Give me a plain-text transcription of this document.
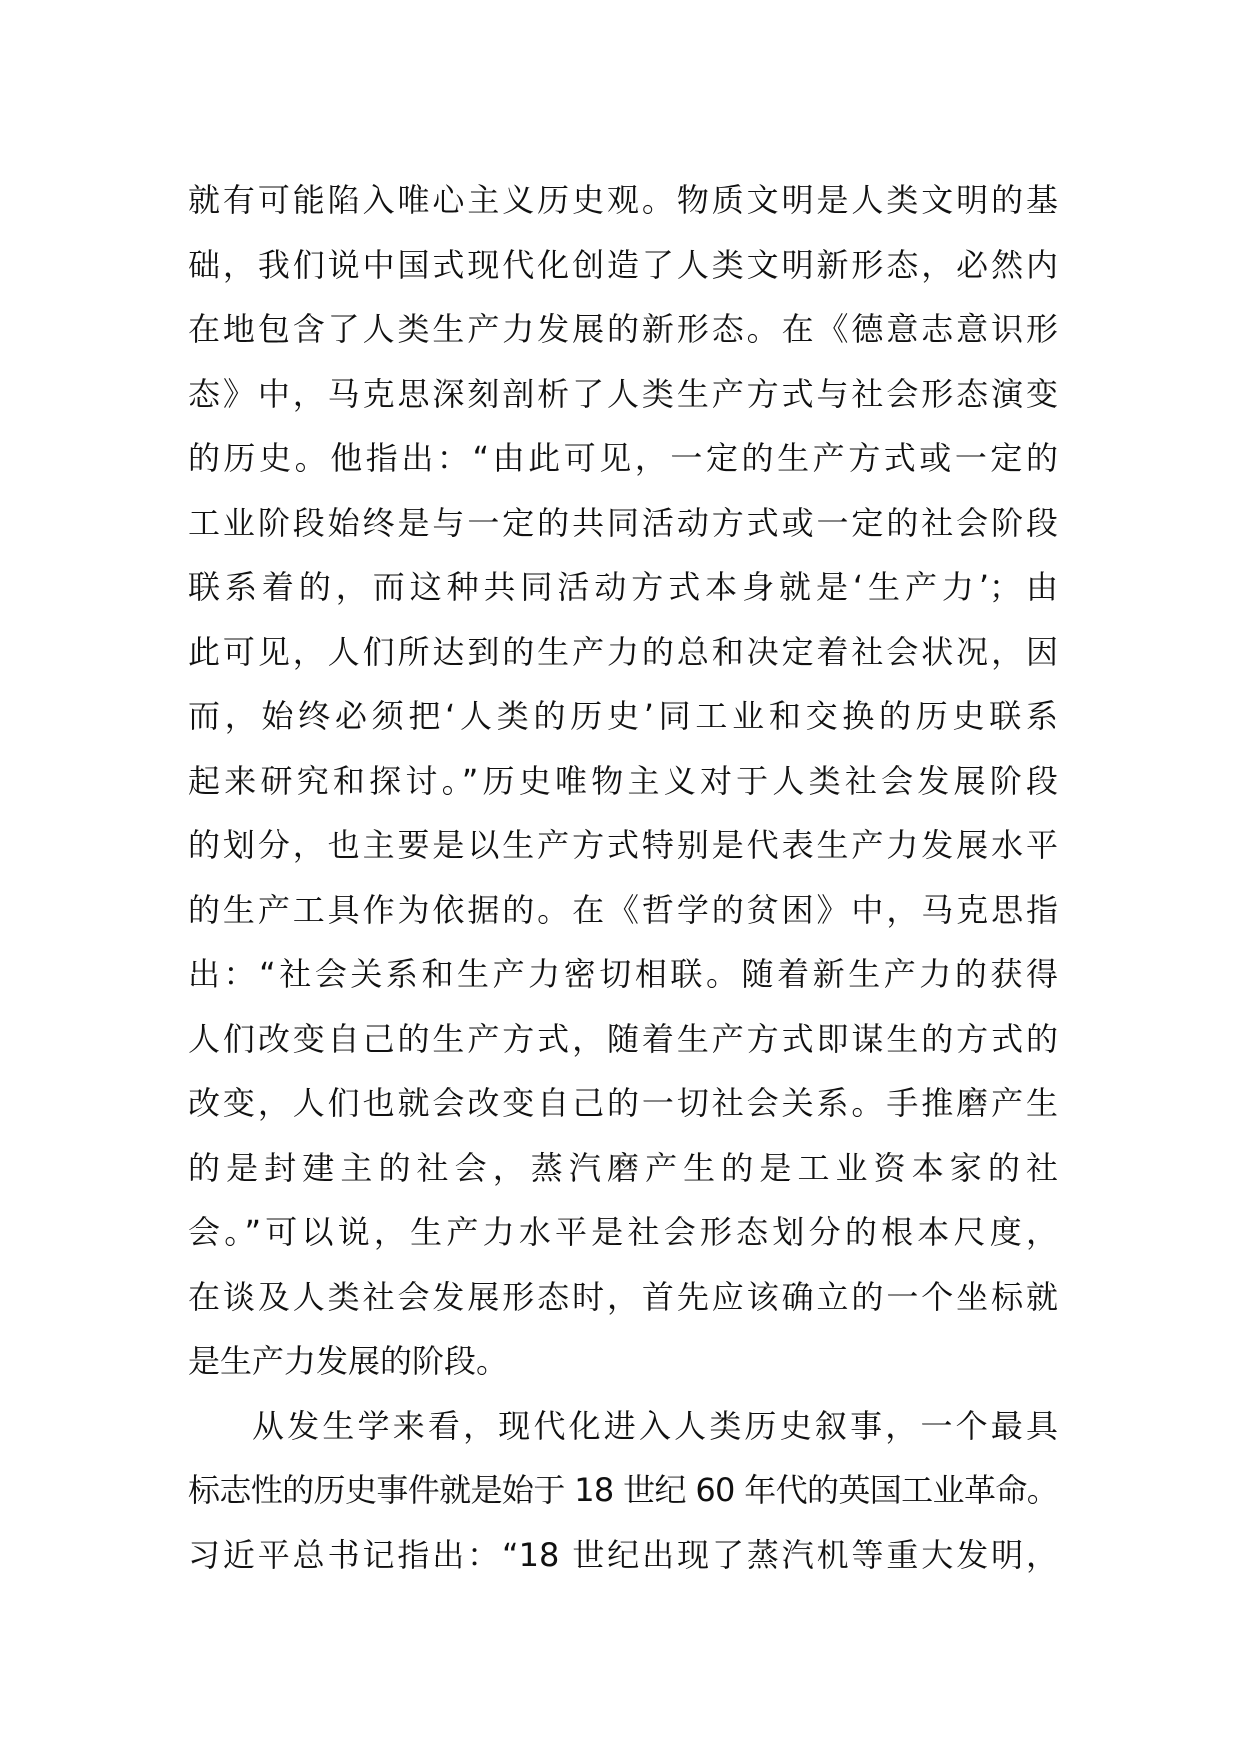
就有可能陷入唯心主义历史观。物质文明是人类文明的基
础，我们说中国式现代化创造了人类文明新形态，必然内
在地包含了人类生产力发展的新形态。在《德意志意识形
态》中，马克思深刻剖析了人类生产方式与社会形态演变
的历史。他指出：“由此可见，一定的生产方式或一定的
工业阶段始终是与一定的共同活动方式或一定的社会阶段
联系着的，而这种共同活动方式本身就是‘生产力’；由
此可见，人们所达到的生产力的总和决定着社会状况，因
而，始终必须把‘人类的历史’同工业和交换的历史联系
起来研究和探讨。”历史唯物主义对于人类社会发展阶段
的划分，也主要是以生产方式特别是代表生产力发展水平
的生产工具作为依据的。在《哲学的贫困》中，马克思指
出：“社会关系和生产力密切相联。随着新生产力的获得
人们改变自己的生产方式，随着生产方式即谋生的方式的
改变，人们也就会改变自己的一切社会关系。手推磨产生
的是封建主的社会，蒸汽磨产生的是工业资本家的社
会。”可以说，生产力水平是社会形态划分的根本尺度，
在谈及人类社会发展形态时，首先应该确立的一个坐标就
是生产力发展的阶段。
从发生学来看，现代化进入人类历史叙事，一个最具
标志性的历史事件就是始于 18 世纪 60 年代的英国工业革命。
习近平总书记指出：“18 世纪出现了蒸汽机等重大发明，
